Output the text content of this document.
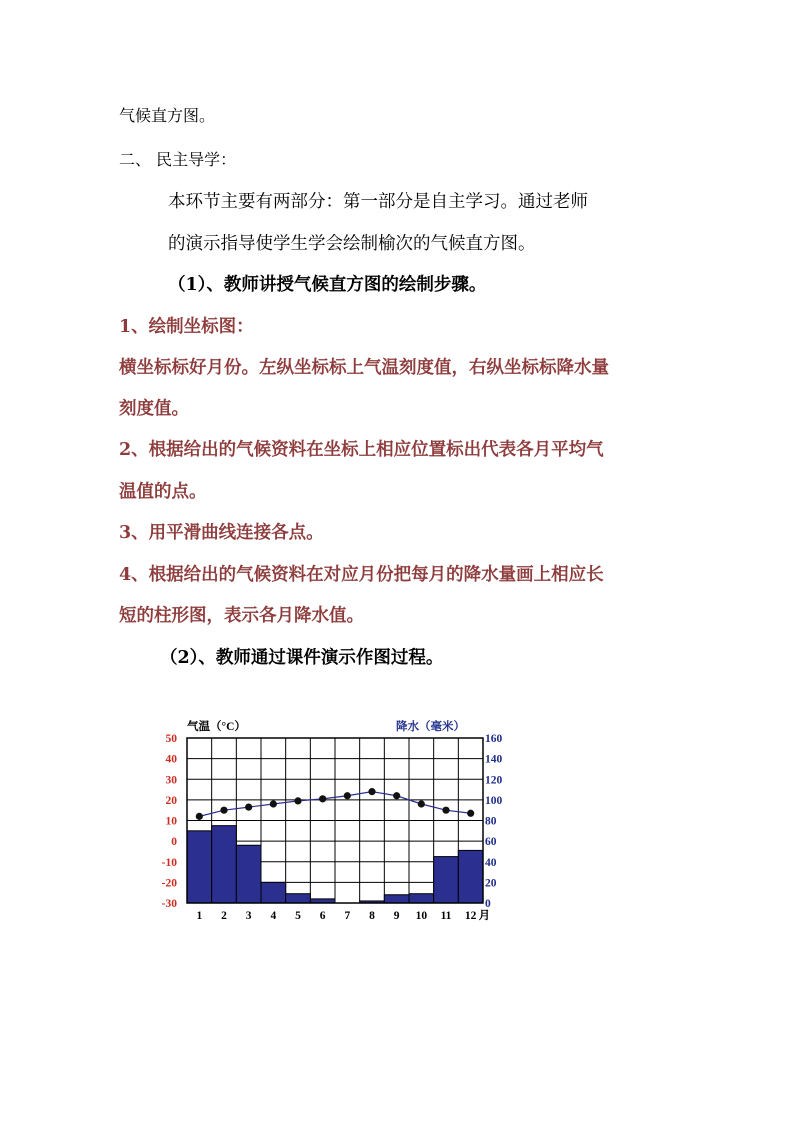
气候直方图。
二、 民主导学：
本环节主要有两部分：第一部分是自主学习。通过老师
的演示指导使学生学会绘制榆次的气候直方图。
（1）、教师讲授气候直方图的绘制步骤。
1、绘制坐标图：
横坐标标好月份。左纵坐标标上气温刻度值，右纵坐标标降水量
刻度值。
2、根据给出的气候资料在坐标上相应位置标出代表各月平均气
温值的点。
3、用平滑曲线连接各点。
4、根据给出的气候资料在对应月份把每月的降水量画上相应长
短的柱形图，表示各月降水值。
（2）、教师通过课件演示作图过程。
50
40
30
20
10
0
-10
-20
-30
160
140
120
100
80
60
40
20
0
1 2 3 4 5 6 7 8 9 10 11 12 月
气温（°C）	降水（毫米）
